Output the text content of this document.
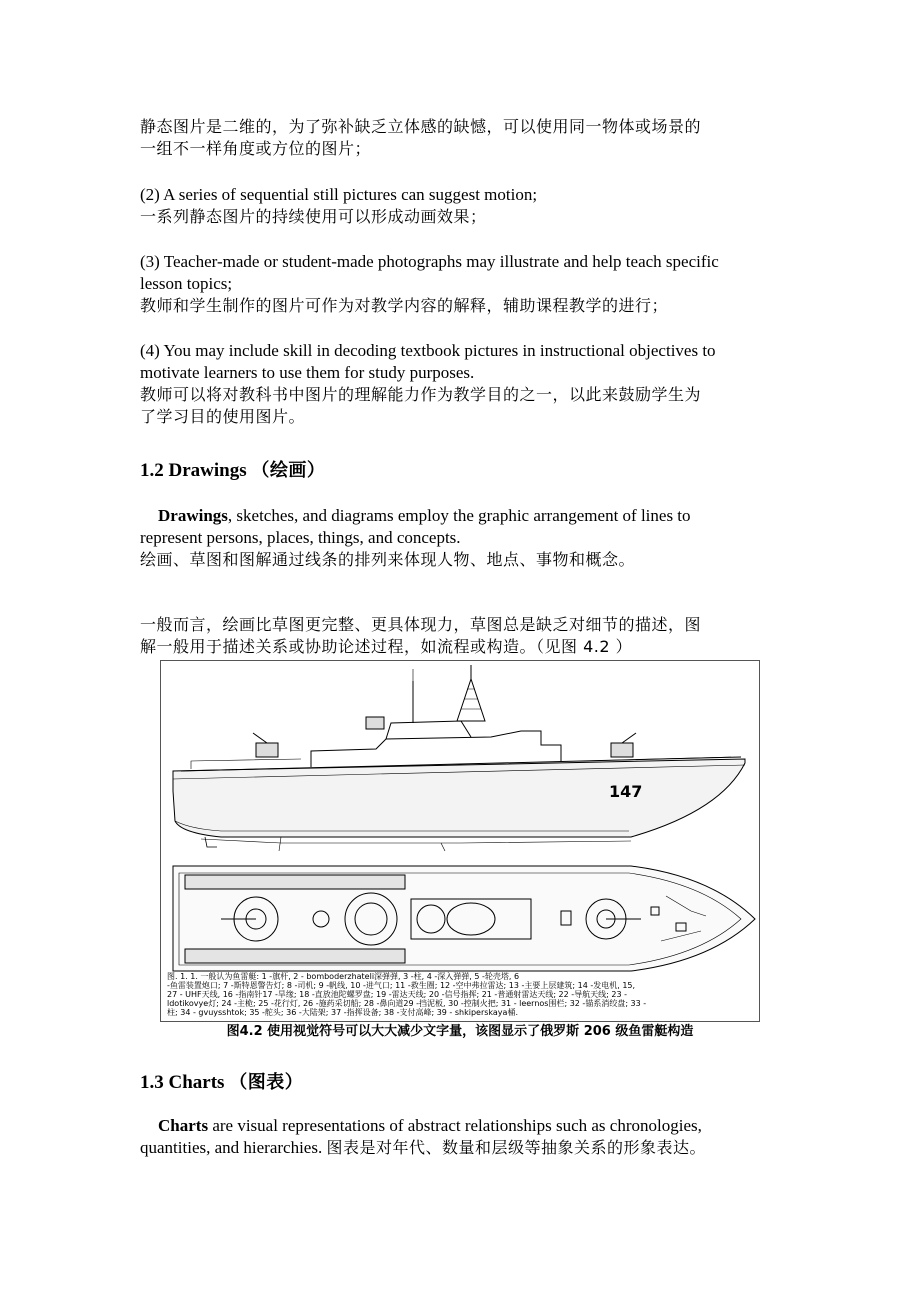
静态图片是二维的，为了弥补缺乏立体感的缺憾，可以使用同一物体或场景的
一组不一样角度或方位的图片；
(2) A series of sequential still pictures can suggest motion;
一系列静态图片的持续使用可以形成动画效果；
(3) Teacher-made or student-made photographs may illustrate and help teach specific
lesson topics;
教师和学生制作的图片可作为对教学内容的解释，辅助课程教学的进行；
(4) You may include skill in decoding textbook pictures in instructional objectives to
motivate learners to use them for study purposes.
教师可以将对教科书中图片的理解能力作为教学目的之一，以此来鼓励学生为
了学习目的使用图片。
1.2 Drawings （绘画）
Drawings, sketches, and diagrams employ the graphic arrangement of lines to
represent persons, places, things, and concepts.
绘画、草图和图解通过线条的排列来体现人物、地点、事物和概念。
一般而言，绘画比草图更完整、更具体现力，草图总是缺乏对细节的描述，图
解一般用于描述关系或协助论述过程，如流程或构造。（见图 4.2 ）
147
图. 1. 1. 一般认为鱼雷艇: 1 -旗杆, 2 - bombоderzhateli深弹弹, 3 -柱, 4 -深入弹弹, 5 -轮壳塔, 6
-鱼雷装置炮口; 7 -斯特恩警告灯; 8 -司机; 9 -帆线, 10 -进气口; 11 -救生圈; 12 -空中弗拉雷达; 13 -主要上层建筑; 14 -发电机, 15,
27 - UHF天线, 16 -指南针17 -旱缘; 18 -直放池陀螺罗盘; 19 -雷达天线; 20 -信号指挥; 21 -普通射雷达天线; 22 -导航天线; 23 -
ldotikovye灯; 24 -主桅; 25 -花行灯, 26 -施药采切船; 28 -鼻向道29 -挡泥板, 30 -控制火把; 31 - leernos围栏; 32 -锚系消绞盘; 33 -
柱; 34 - gvuysshtok; 35 -舵头; 36 -大陆架; 37 -指挥设备; 38 -支付高峰; 39 - shkiperskaya桶.
图4.2 使用视觉符号可以大大减少文字量，该图显示了俄罗斯 206 级鱼雷艇构造
1.3 Charts （图表）
Charts are visual representations of abstract relationships such as chronologies,
quantities, and hierarchies. 图表是对年代、数量和层级等抽象关系的形象表达。
